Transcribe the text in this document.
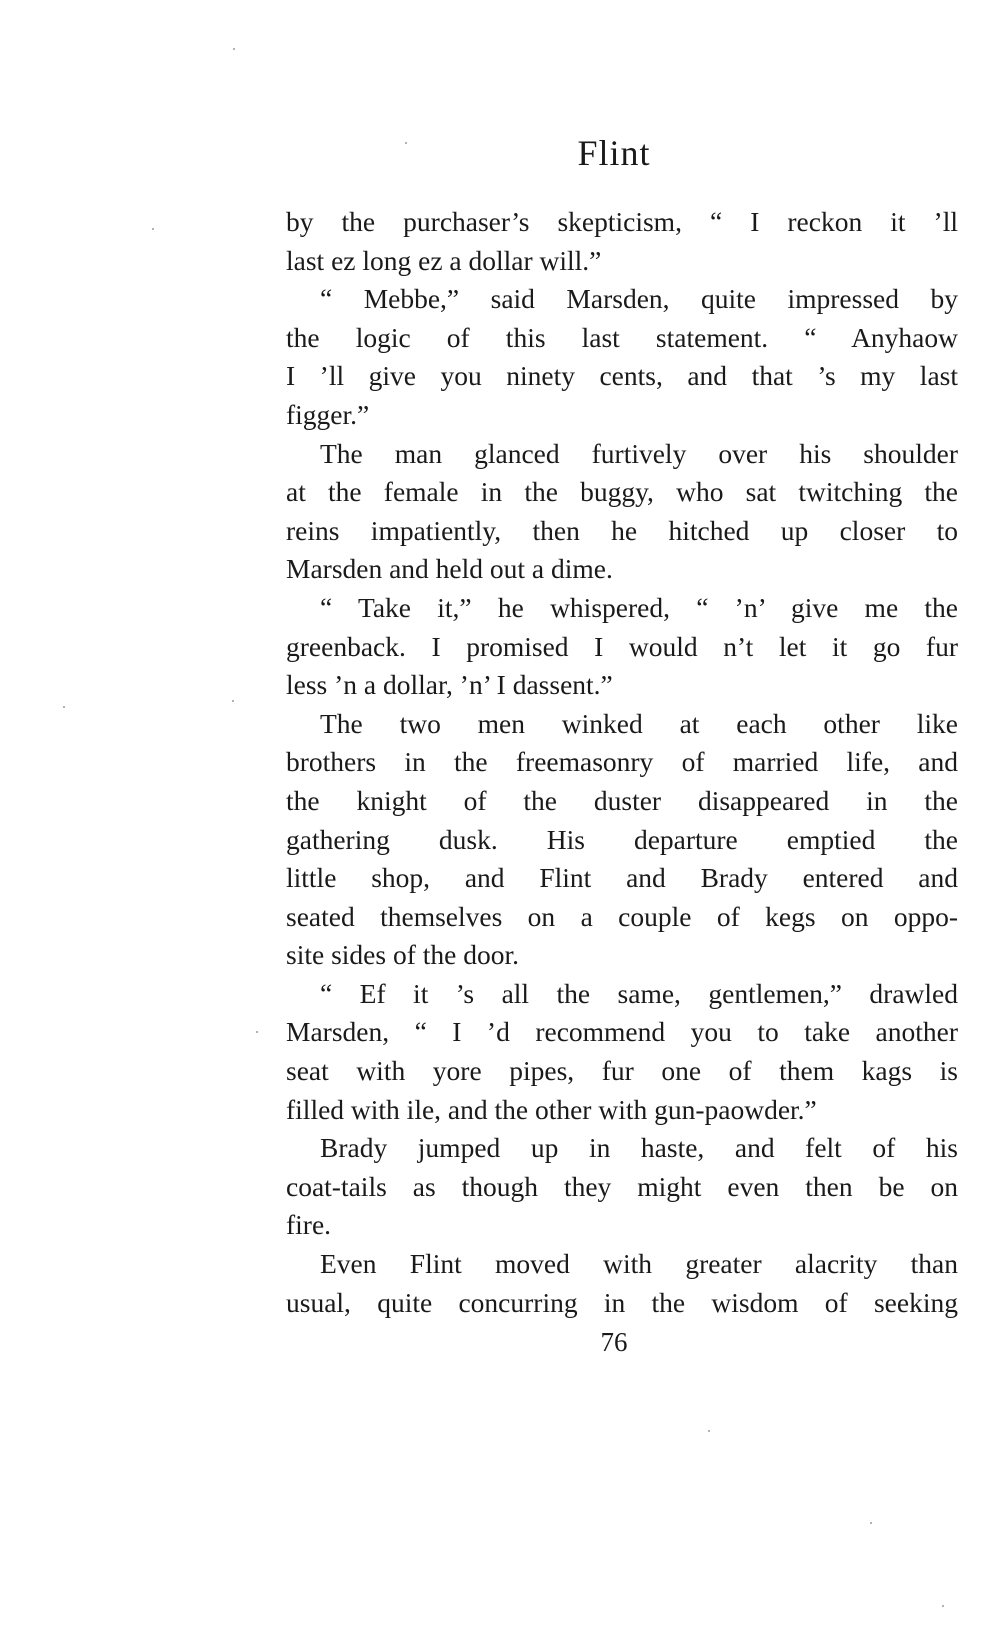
Flint
by the purchaser’s skepticism, “ I reckon it ’ll
last ez long ez a dollar will.”
“ Mebbe,” said Marsden, quite impressed by
the logic of this last statement. “ Anyhaow
I ’ll give you ninety cents, and that ’s my last
figger.”
The man glanced furtively over his shoulder
at the female in the buggy, who sat twitching the
reins impatiently, then he hitched up closer to
Marsden and held out a dime.
“ Take it,” he whispered, “ ’n’ give me the
greenback. I promised I would n’t let it go fur
less ’n a dollar, ’n’ I dassent.”
The two men winked at each other like
brothers in the freemasonry of married life, and
the knight of the duster disappeared in the
gathering dusk. His departure emptied the
little shop, and Flint and Brady entered and
seated themselves on a couple of kegs on oppo-
site sides of the door.
“ Ef it ’s all the same, gentlemen,” drawled
Marsden, “ I ’d recommend you to take another
seat with yore pipes, fur one of them kags is
filled with ile, and the other with gun-paowder.”
Brady jumped up in haste, and felt of his
coat-tails as though they might even then be on
fire.
Even Flint moved with greater alacrity than
usual, quite concurring in the wisdom of seeking
76
